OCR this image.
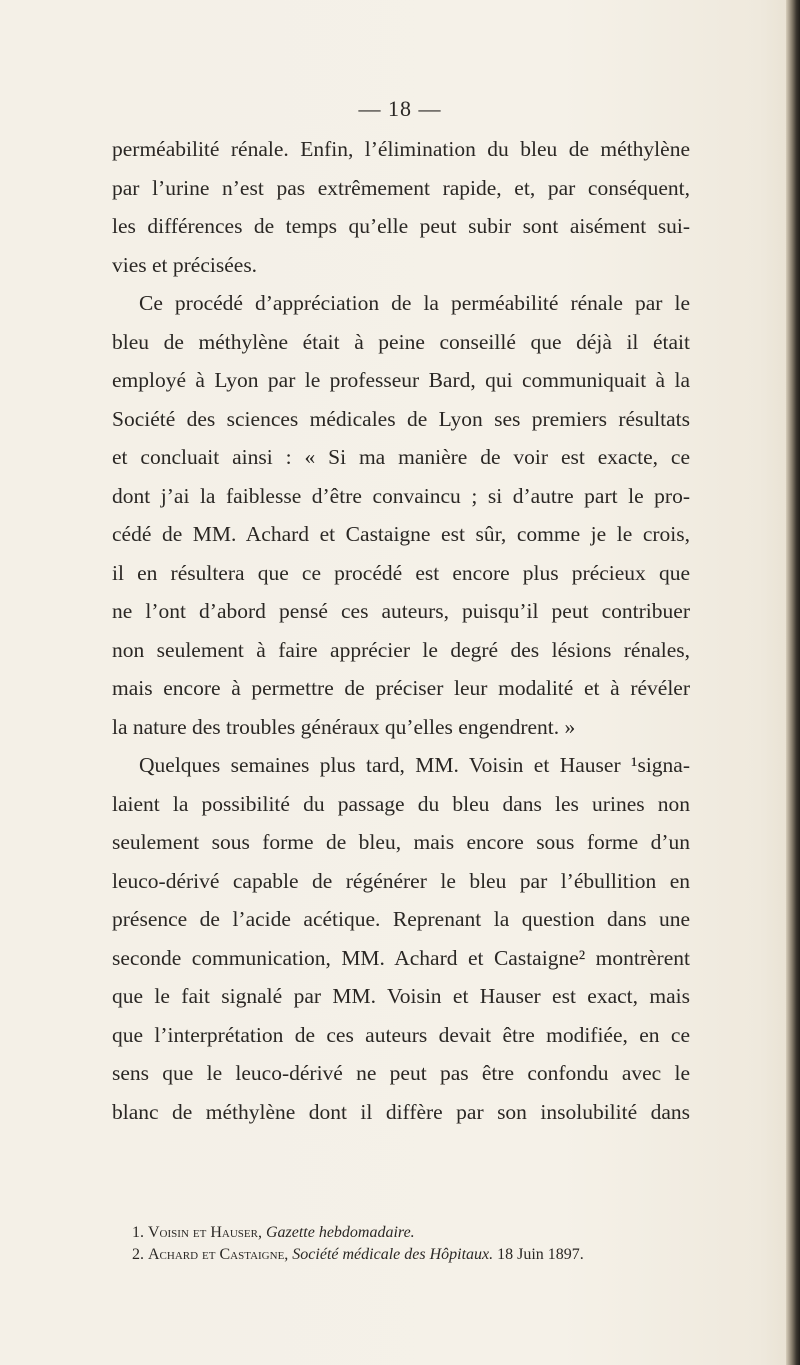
— 18 —
perméabilité rénale. Enfin, l’élimination du bleu de méthylène
par l’urine n’est pas extrêmement rapide, et, par conséquent,
les différences de temps qu’elle peut subir sont aisément sui-
vies et précisées.
Ce procédé d’appréciation de la perméabilité rénale par le
bleu de méthylène était à peine conseillé que déjà il était
employé à Lyon par le professeur Bard, qui communiquait à la
Société des sciences médicales de Lyon ses premiers résultats
et concluait ainsi : « Si ma manière de voir est exacte, ce
dont j’ai la faiblesse d’être convaincu ; si d’autre part le pro-
cédé de MM. Achard et Castaigne est sûr, comme je le crois,
il en résultera que ce procédé est encore plus précieux que
ne l’ont d’abord pensé ces auteurs, puisqu’il peut contribuer
non seulement à faire apprécier le degré des lésions rénales,
mais encore à permettre de préciser leur modalité et à révéler
la nature des troubles généraux qu’elles engendrent. »
Quelques semaines plus tard, MM. Voisin et Hauser ¹signa-
laient la possibilité du passage du bleu dans les urines non
seulement sous forme de bleu, mais encore sous forme d’un
leuco-dérivé capable de régénérer le bleu par l’ébullition en
présence de l’acide acétique. Reprenant la question dans une
seconde communication, MM. Achard et Castaigne² montrèrent
que le fait signalé par MM. Voisin et Hauser est exact, mais
que l’interprétation de ces auteurs devait être modifiée, en ce
sens que le leuco-dérivé ne peut pas être confondu avec le
blanc de méthylène dont il diffère par son insolubilité dans
1. Voisin et Hauser, Gazette hebdomadaire.
2. Achard et Castaigne, Société médicale des Hôpitaux. 18 Juin 1897.
